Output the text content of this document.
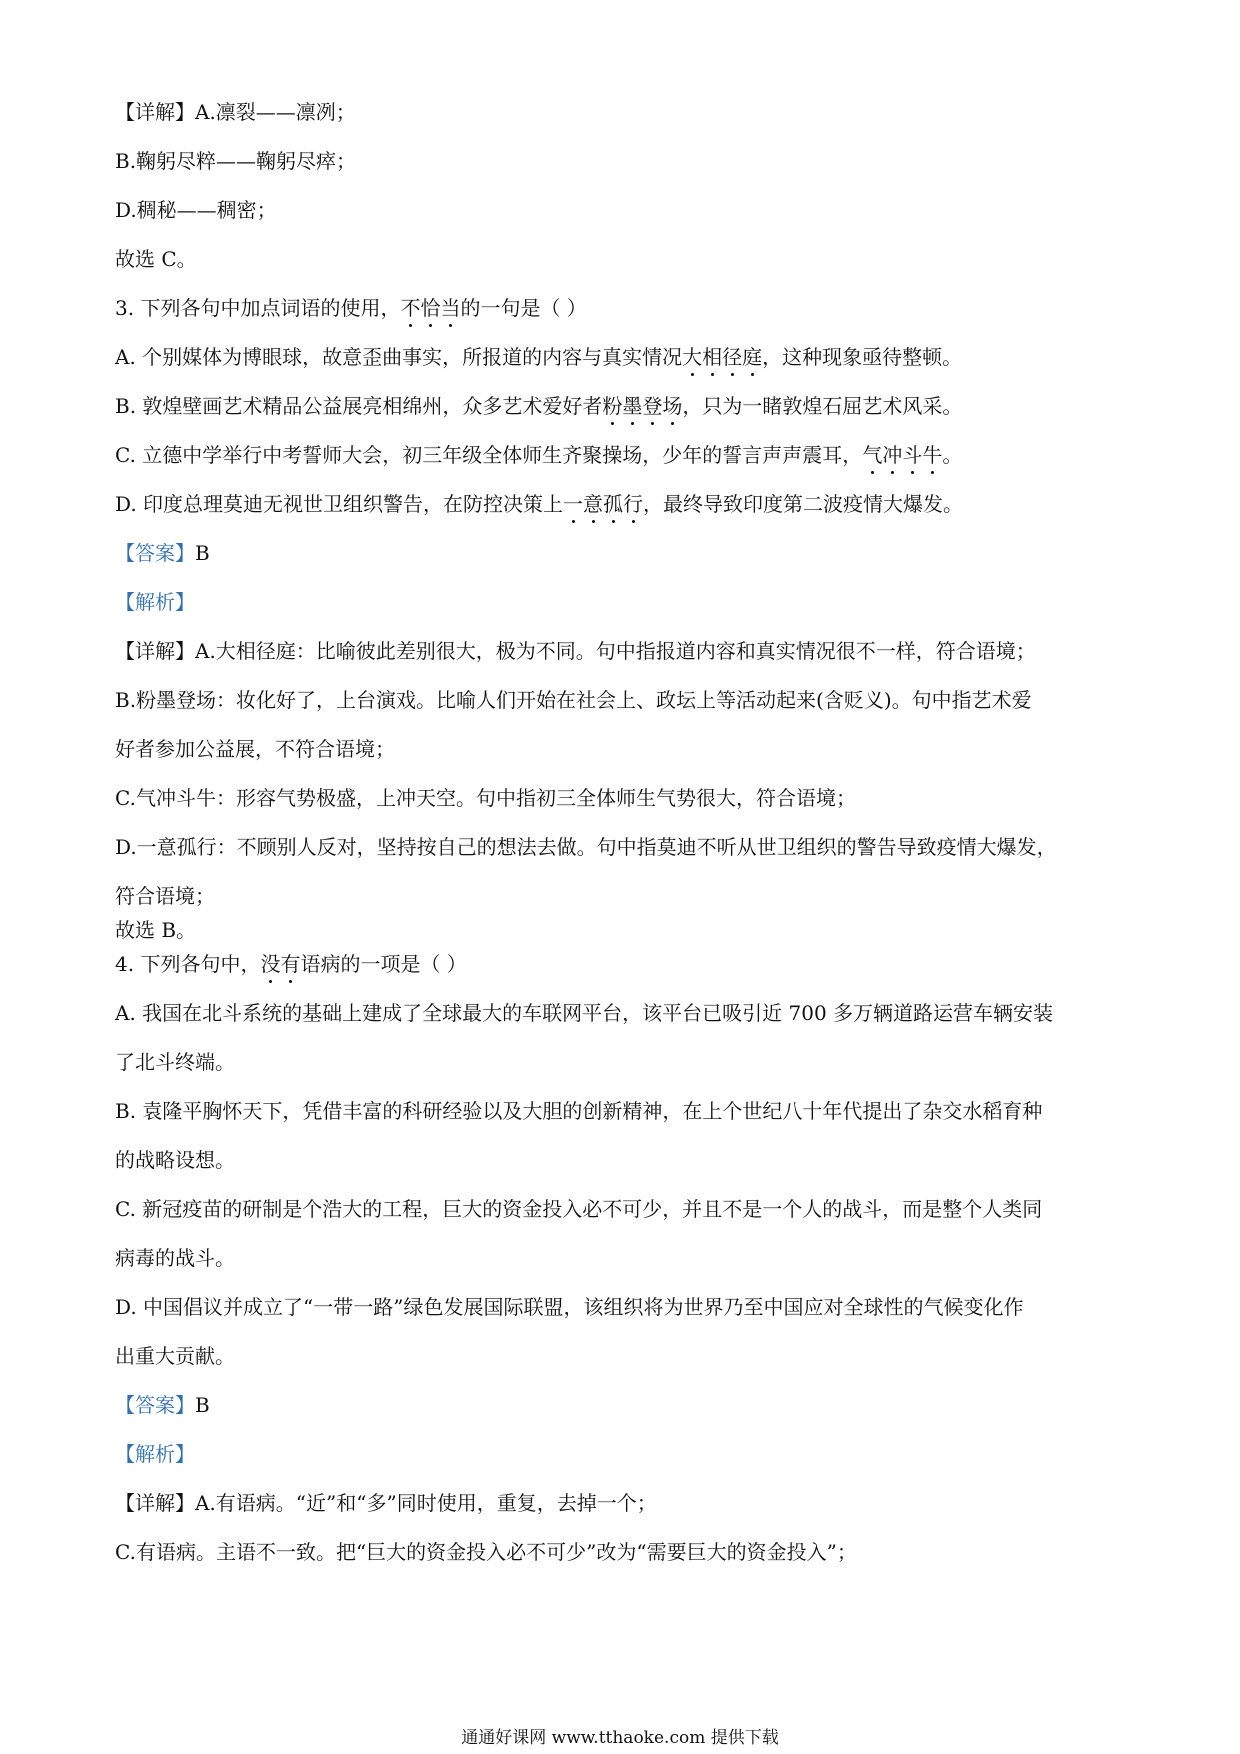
【详解】A.凛裂——凛冽；
B.鞠躬尽粹——鞠躬尽瘁；
D.稠秘——稠密；
故选 C。
3. 下列各句中加点词语的使用，不恰当的一句是（ ）
A. 个别媒体为博眼球，故意歪曲事实，所报道的内容与真实情况大相径庭，这种现象亟待整顿。
B. 敦煌壁画艺术精品公益展亮相绵州，众多艺术爱好者粉墨登场，只为一睹敦煌石屈艺术风采。
C. 立德中学举行中考誓师大会，初三年级全体师生齐聚操场，少年的誓言声声震耳，气冲斗牛。
D. 印度总理莫迪无视世卫组织警告，在防控决策上一意孤行，最终导致印度第二波疫情大爆发。
【答案】B
【解析】
【详解】A.大相径庭：比喻彼此差别很大，极为不同。句中指报道内容和真实情况很不一样，符合语境；
B.粉墨登场：妆化好了，上台演戏。比喻人们开始在社会上、政坛上等活动起来(含贬义)。句中指艺术爱
好者参加公益展，不符合语境；
C.气冲斗牛：形容气势极盛，上冲天空。句中指初三全体师生气势很大，符合语境；
D.一意孤行：不顾别人反对，坚持按自己的想法去做。句中指莫迪不听从世卫组织的警告导致疫情大爆发，
符合语境；
故选 B。
4. 下列各句中，没有语病的一项是（ ）
A. 我国在北斗系统的基础上建成了全球最大的车联网平台，该平台已吸引近 700 多万辆道路运营车辆安装
了北斗终端。
B. 袁隆平胸怀天下，凭借丰富的科研经验以及大胆的创新精神，在上个世纪八十年代提出了杂交水稻育种
的战略设想。
C. 新冠疫苗的研制是个浩大的工程，巨大的资金投入必不可少，并且不是一个人的战斗，而是整个人类同
病毒的战斗。
D. 中国倡议并成立了“一带一路”绿色发展国际联盟，该组织将为世界乃至中国应对全球性的气候变化作
出重大贡献。
【答案】B
【解析】
【详解】A.有语病。“近”和“多”同时使用，重复，去掉一个；
C.有语病。主语不一致。把“巨大的资金投入必不可少”改为“需要巨大的资金投入”；
通通好课网 www.tthaoke.com 提供下载
